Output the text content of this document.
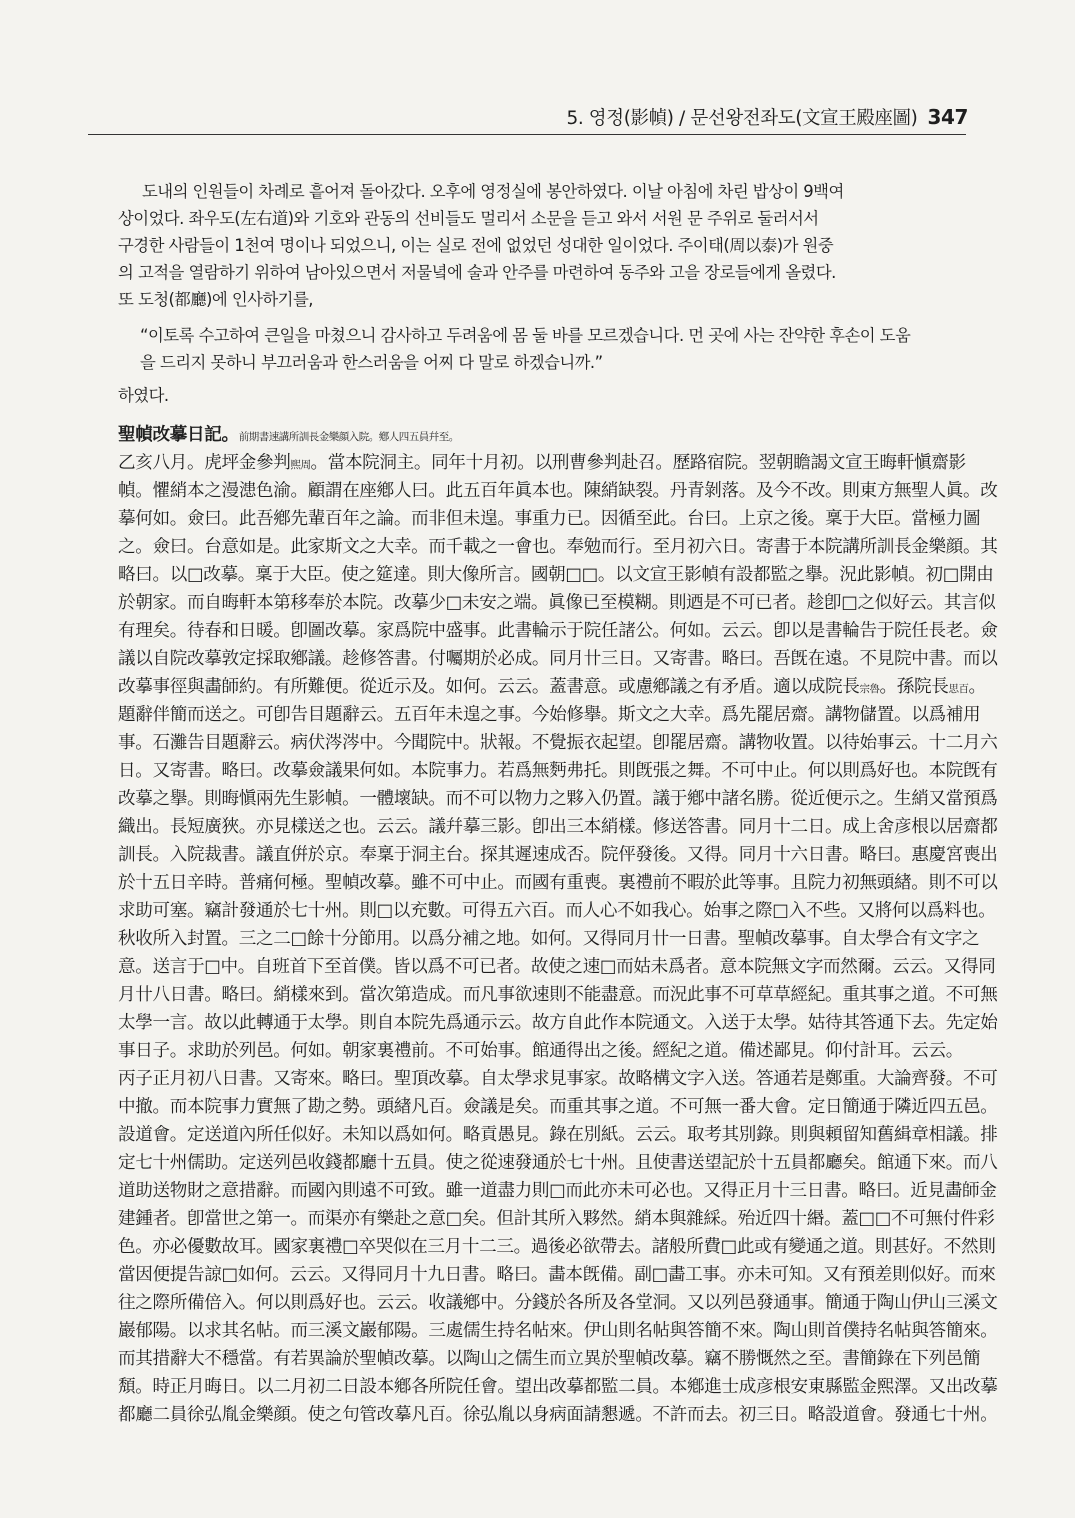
5. 영정(影幀) / 문선왕전좌도(文宣王殿座圖) 347
도내의 인원들이 차례로 흩어져 돌아갔다. 오후에 영정실에 봉안하였다. 이날 아침에 차린 밥상이 9백여
상이었다. 좌우도(左右道)와 기호와 관동의 선비들도 멀리서 소문을 듣고 와서 서원 문 주위로 둘러서서
구경한 사람들이 1천여 명이나 되었으니, 이는 실로 전에 없었던 성대한 일이었다. 주이태(周以泰)가 원중
의 고적을 열람하기 위하여 남아있으면서 저물녘에 술과 안주를 마련하여 동주와 고을 장로들에게 올렸다.
또 도청(都廳)에 인사하기를,
“이토록 수고하여 큰일을 마쳤으니 감사하고 두려움에 몸 둘 바를 모르겠습니다. 먼 곳에 사는 잔약한 후손이 도움
을 드리지 못하니 부끄러움과 한스러움을 어찌 다 말로 하겠습니까.”
하였다.
聖幀改摹日記。前期書速講所訓長金樂顔入院。鄕人四五員幷至。
乙亥八月。虎坪金參判熙周。當本院洞主。同年十月初。以刑曹參判赴召。歷路宿院。翌朝瞻謁文宣王晦軒愼齋影
幀。懼綃本之漫漶色渝。顧謂在座鄕人曰。此五百年眞本也。陳綃缺裂。丹青剝落。及今不改。則東方無聖人眞。改
摹何如。僉曰。此吾鄕先輩百年之論。而非但未遑。事重力已。因循至此。台曰。上京之後。稟于大臣。當極力圖
之。僉曰。台意如是。此家斯文之大幸。而千載之一會也。奉勉而行。至月初六日。寄書于本院講所訓長金樂顔。其
略曰。以□改摹。稟于大臣。使之筵達。則大像所言。國朝□□。以文宣王影幀有設都監之擧。況此影幀。初□開由
於朝家。而自晦軒本第移奉於本院。改摹少□未安之端。眞像已至模糊。則迺是不可已者。趁卽□之似好云。其言似
有理矣。待春和日暖。卽圖改摹。家爲院中盛事。此書輪示于院任諸公。何如。云云。卽以是書輪告于院任長老。僉
議以自院改摹敦定採取鄕議。趁修答書。付囑期於必成。同月卄三日。又寄書。略曰。吾旣在遠。不見院中書。而以
改摹事徑與畵師約。有所難便。從近示及。如何。云云。蓋書意。或慮鄕議之有矛盾。適以成院長宗魯。孫院長思百。
題辭伴簡而送之。可卽告目題辭云。五百年未遑之事。今始修擧。斯文之大幸。爲先罷居齋。講物儲置。以爲補用
事。石灘告目題辭云。病伏涔涔中。今聞院中。狀報。不覺振衣起望。卽罷居齋。講物收置。以待始事云。十二月六
日。又寄書。略曰。改摹僉議果何如。本院事力。若爲無麪弗托。則旣張之舞。不可中止。何以則爲好也。本院旣有
改摹之擧。則晦愼兩先生影幀。一體壞缺。而不可以物力之夥入仍置。議于鄕中諸名勝。從近便示之。生綃又當預爲
織出。長短廣狹。亦見樣送之也。云云。議幷摹三影。卽出三本綃樣。修送答書。同月十二日。成上舍彦根以居齋都
訓長。入院裁書。議直倂於京。奉稟于洞主台。探其遲速成否。院伻發後。又得。同月十六日書。略曰。惠慶宮喪出
於十五日辛時。普痛何極。聖幀改摹。雖不可中止。而國有重喪。裏禮前不暇於此等事。且院力初無頭緖。則不可以
求助可塞。竊計發通於七十州。則□以充數。可得五六百。而人心不如我心。始事之際□入不些。又將何以爲料也。
秋收所入封置。三之二□餘十分節用。以爲分補之地。如何。又得同月卄一日書。聖幀改摹事。自太學合有文字之
意。送言于□中。自班首下至首僕。皆以爲不可已者。故使之速□而姑未爲者。意本院無文字而然爾。云云。又得同
月卄八日書。略曰。綃樣來到。當次第造成。而凡事欲速則不能盡意。而況此事不可草草經紀。重其事之道。不可無
太學一言。故以此轉通于太學。則自本院先爲通示云。故方自此作本院通文。入送于太學。姑待其答通下去。先定始
事日子。求助於列邑。何如。朝家裏禮前。不可始事。館通得出之後。經紀之道。備述鄙見。仰付計耳。云云。
丙子正月初八日書。又寄來。略曰。聖頂改摹。自太學求見事家。故略構文字入送。答通若是鄭重。大論齊發。不可
中撤。而本院事力實無了勘之勢。頭緖凡百。僉議是矣。而重其事之道。不可無一番大會。定日簡通于隣近四五邑。
設道會。定送道內所任似好。未知以爲如何。略貢愚見。錄在別紙。云云。取考其別錄。則與頼留知舊緝章相議。排
定七十州儒助。定送列邑收錢都廳十五員。使之從速發通於七十州。且使書送望記於十五員都廳矣。館通下來。而八
道助送物財之意措辭。而國內則遠不可致。雖一道盡力則□而此亦未可必也。又得正月十三日書。略曰。近見畵師金
建鍾者。卽當世之第一。而渠亦有樂赴之意□矣。但計其所入夥然。綃本與雜綵。殆近四十緡。蓋□□不可無付件彩
色。亦必優數故耳。國家裏禮□卒哭似在三月十二三。過後必欲帶去。諸般所費□此或有變通之道。則甚好。不然則
當因便提告諒□如何。云云。又得同月十九日書。略曰。畵本旣備。副□畵工事。亦未可知。又有預差則似好。而來
往之際所備倍入。何以則爲好也。云云。收議鄕中。分錢於各所及各堂洞。又以列邑發通事。簡通于陶山伊山三溪文
巖郁陽。以求其名帖。而三溪文巖郁陽。三處儒生持名帖來。伊山則名帖與答簡不來。陶山則首僕持名帖與答簡來。
而其措辭大不穩當。有若異論於聖幀改摹。以陶山之儒生而立異於聖幀改摹。竊不勝慨然之至。書簡錄在下列邑簡
頽。時正月晦日。以二月初二日設本鄕各所院任會。望出改摹都監二員。本鄕進士成彦根安東縣監金熙澤。又出改摹
都廳二員徐弘胤金樂顔。使之句管改摹凡百。徐弘胤以身病面請懇遞。不許而去。初三日。略設道會。發通七十州。
